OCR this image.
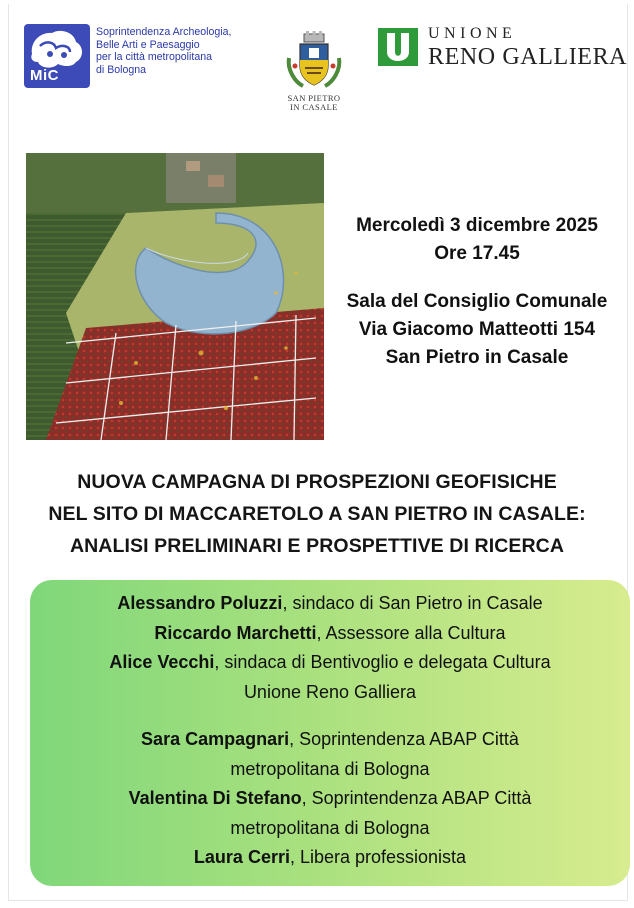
MiC
Soprintendenza Archeologia,
Belle Arti e Paesaggio
per la città metropolitana
di Bologna
SAN PIETRO
IN CASALE
UNIONE
RENO GALLIERA
Mercoledì 3 dicembre 2025
Ore 17.45
Sala del Consiglio Comunale
Via Giacomo Matteotti 154
San Pietro in Casale
NUOVA CAMPAGNA DI PROSPEZIONI GEOFISICHE
NEL SITO DI MACCARETOLO A SAN PIETRO IN CASALE:
ANALISI PRELIMINARI E PROSPETTIVE DI RICERCA
Alessandro Poluzzi, sindaco di San Pietro in Casale
Riccardo Marchetti, Assessore alla Cultura
Alice Vecchi, sindaca di Bentivoglio e delegata Cultura
Unione Reno Galliera
Sara Campagnari, Soprintendenza ABAP Città
metropolitana di Bologna
Valentina Di Stefano, Soprintendenza ABAP Città
metropolitana di Bologna
Laura Cerri, Libera professionista
